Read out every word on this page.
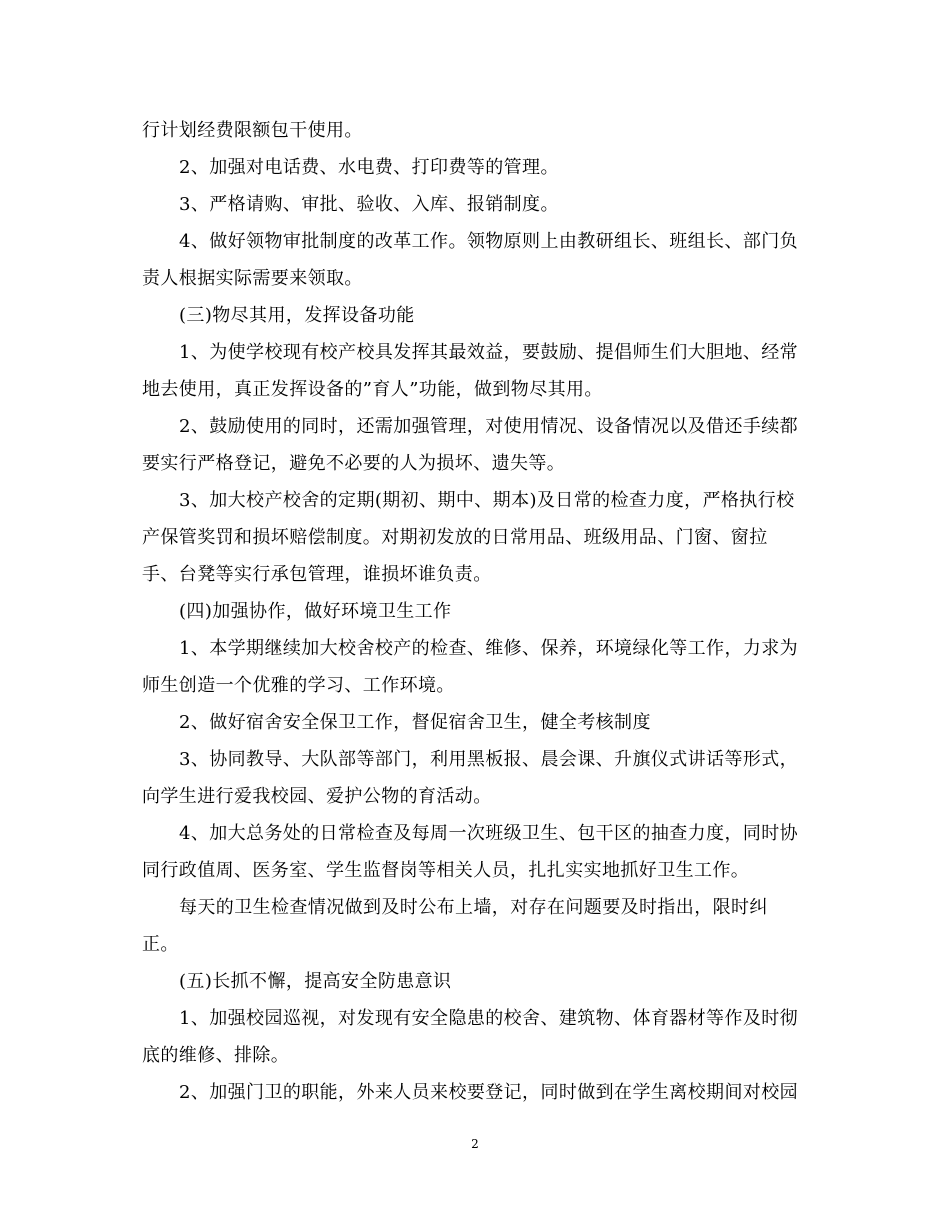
行计划经费限额包干使用。
2、加强对电话费、水电费、打印费等的管理。
3、严格请购、审批、验收、入库、报销制度。
4、做好领物审批制度的改革工作。领物原则上由教研组长、班组长、部门负
责人根据实际需要来领取。
(三)物尽其用，发挥设备功能
1、为使学校现有校产校具发挥其最效益，要鼓励、提倡师生们大胆地、经常
地去使用，真正发挥设备的”育人”功能，做到物尽其用。
2、鼓励使用的同时，还需加强管理，对使用情况、设备情况以及借还手续都
要实行严格登记，避免不必要的人为损坏、遗失等。
3、加大校产校舍的定期(期初、期中、期本)及日常的检查力度，严格执行校
产保管奖罚和损坏赔偿制度。对期初发放的日常用品、班级用品、门窗、窗拉
手、台凳等实行承包管理，谁损坏谁负责。
(四)加强协作，做好环境卫生工作
1、本学期继续加大校舍校产的检查、维修、保养，环境绿化等工作，力求为
师生创造一个优雅的学习、工作环境。
2、做好宿舍安全保卫工作，督促宿舍卫生，健全考核制度
3、协同教导、大队部等部门，利用黑板报、晨会课、升旗仪式讲话等形式，
向学生进行爱我校园、爱护公物的育活动。
4、加大总务处的日常检查及每周一次班级卫生、包干区的抽查力度，同时协
同行政值周、医务室、学生监督岗等相关人员，扎扎实实地抓好卫生工作。
每天的卫生检查情况做到及时公布上墙，对存在问题要及时指出，限时纠
正。
(五)长抓不懈，提高安全防患意识
1、加强校园巡视，对发现有安全隐患的校舍、建筑物、体育器材等作及时彻
底的维修、排除。
2、加强门卫的职能，外来人员来校要登记，同时做到在学生离校期间对校园
2
